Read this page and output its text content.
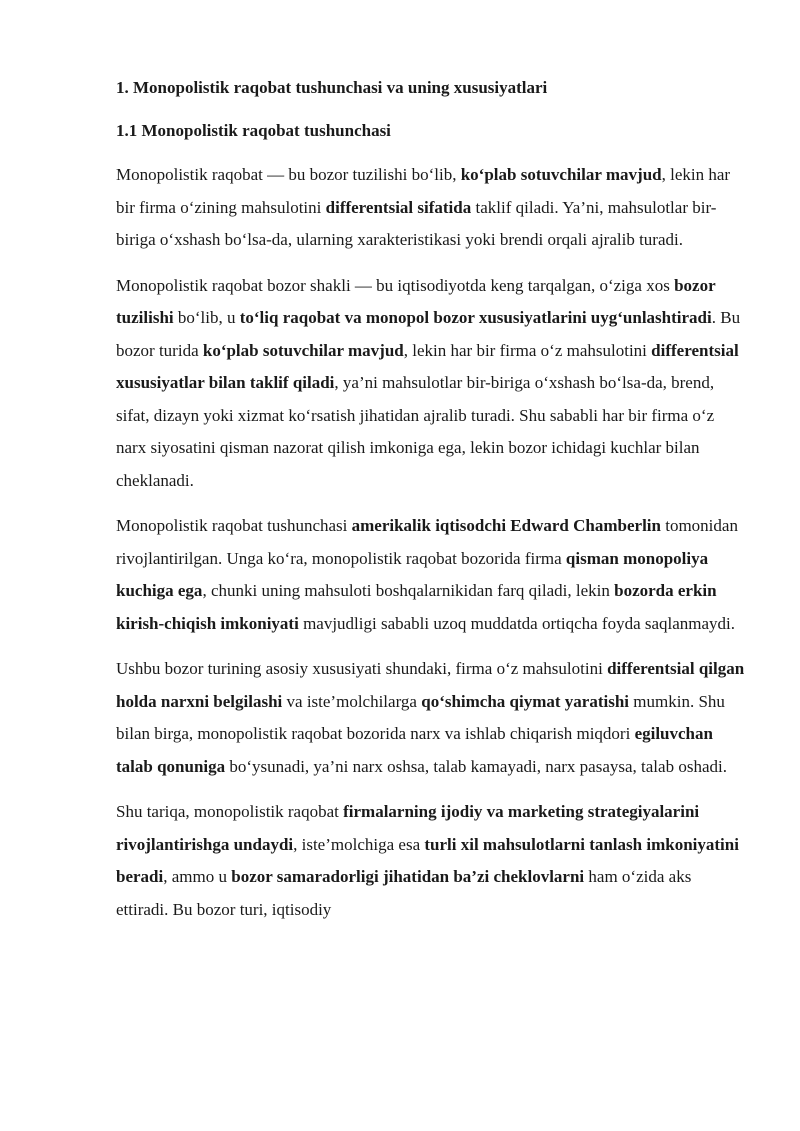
1. Monopolistik raqobat tushunchasi va uning xususiyatlari
1.1 Monopolistik raqobat tushunchasi

Monopolistik raqobat — bu bozor tuzilishi bo‘lib, ko‘plab sotuvchilar mavjud, lekin har bir firma o‘zining mahsulotini differentsial sifatida taklif qiladi. Ya’ni, mahsulotlar bir-biriga o‘xshash bo‘lsa-da, ularning xarakteristikasi yoki brendi orqali ajralib turadi.

Monopolistik raqobat bozor shakli — bu iqtisodiyotda keng tarqalgan, o‘ziga xos bozor tuzilishi bo‘lib, u to‘liq raqobat va monopol bozor xususiyatlarini uyg‘unlashtiradi. Bu bozor turida ko‘plab sotuvchilar mavjud, lekin har bir firma o‘z mahsulotini differentsial xususiyatlar bilan taklif qiladi, ya’ni mahsulotlar bir-biriga o‘xshash bo‘lsa-da, brend, sifat, dizayn yoki xizmat ko‘rsatish jihatidan ajralib turadi. Shu sababli har bir firma o‘z narx siyosatini qisman nazorat qilish imkoniga ega, lekin bozor ichidagi kuchlar bilan cheklanadi.

Monopolistik raqobat tushunchasi amerikalik iqtisodchi Edward Chamberlin tomonidan rivojlantirilgan. Unga ko‘ra, monopolistik raqobat bozorida firma qisman monopoliya kuchiga ega, chunki uning mahsuloti boshqalarnikidan farq qiladi, lekin bozorda erkin kirish-chiqish imkoniyati mavjudligi sababli uzoq muddatda ortiqcha foyda saqlanmaydi.

Ushbu bozor turining asosiy xususiyati shundaki, firma o‘z mahsulotini differentsial qilgan holda narxni belgilashi va iste’molchilarga qo‘shimcha qiymat yaratishi mumkin. Shu bilan birga, monopolistik raqobat bozorida narx va ishlab chiqarish miqdori egiluvchan talab qonuniga bo‘ysunadi, ya’ni narx oshsa, talab kamayadi, narx pasaysa, talab oshadi.

Shu tariqa, monopolistik raqobat firmalarning ijodiy va marketing strategiyalarini rivojlantirishga undaydi, iste’molchiga esa turli xil mahsulotlarni tanlash imkoniyatini beradi, ammo u bozor samaradorligi jihatidan ba’zi cheklovlarni ham o‘zida aks ettiradi. Bu bozor turi, iqtisodiy
